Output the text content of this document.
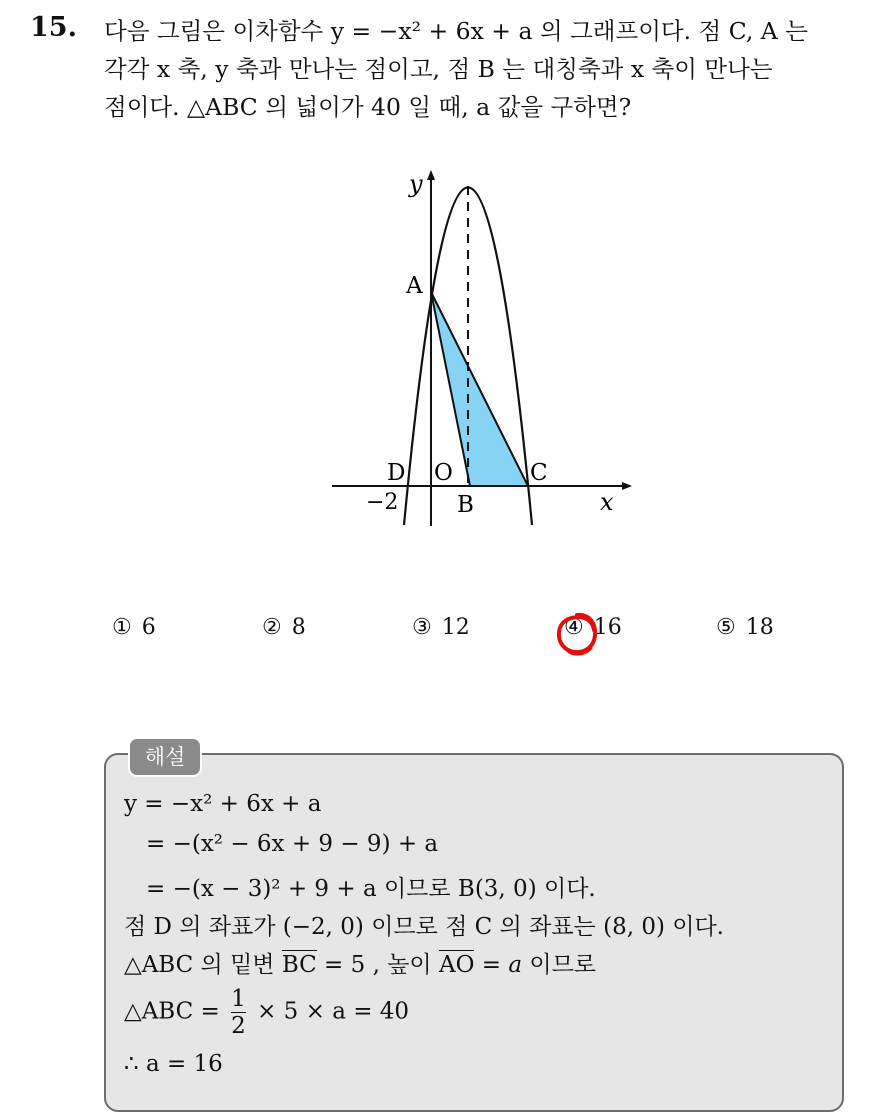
15. 다음 그림은 이차함수 y = −x² + 6x + a 의 그래프이다. 점 C, A 는

각각 x 축, y 축과 만나는 점이고, 점 B 는 대칭축과 x 축이 만나는

점이다. △ABC 의 넓이가 40 일 때, a 값을 구하면?

y
A
D O	C
−2	B	x
① 6	② 8	③ 12	④ 16	⑤ 18
해설
y = −x² + 6x + a
= −(x² − 6x + 9 − 9) + a
= −(x − 3)² + 9 + a 이므로 B(3, 0) 이다.
점 D 의 좌표가 (−2, 0) 이므로 점 C 의 좌표는 (8, 0) 이다.
△ABC 의 밑변 BC = 5 , 높이 AO = a 이므로
△ABC = $\frac{1}{2} \times 5 \times a = 40$
∴ a = 16
